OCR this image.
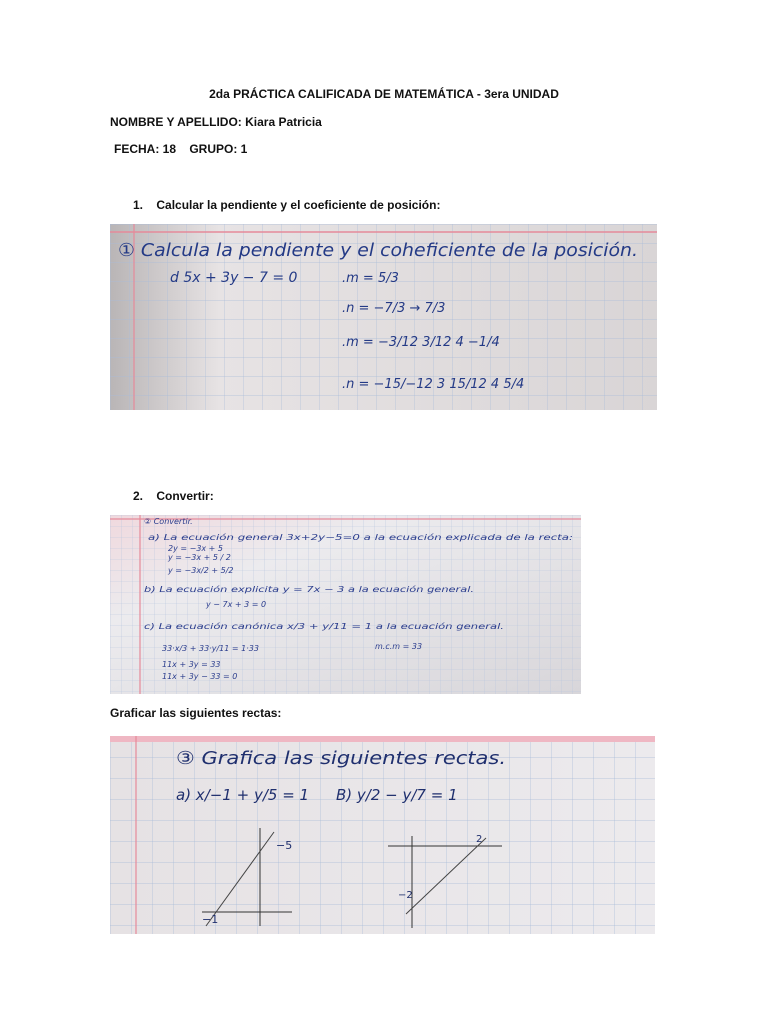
2da PRÁCTICA CALIFICADA DE MATEMÁTICA - 3era UNIDAD
NOMBRE Y APELLIDO: Kiara Patricia
FECHA: 18    GRUPO: 1
1. Calcular la pendiente y el coeficiente de posición:
① Calcula la pendiente y el coheficiente de la posición.
d 5x + 3y − 7 = 0	.m = 5/3
.n = −7/3 → 7/3
.m = −3/12 3/12 4 −1/4
.n = −15/−12 3 15/12 4 5/4
2. Convertir:
② Convertir.
a) La ecuación general 3x+2y−5=0 a la ecuación explicada de la recta:
2y = −3x + 5
y = −3x + 5 / 2
y = −3x/2 + 5/2
b) La ecuación explicita y = 7x − 3 a la ecuación general.
y − 7x + 3 = 0
c) La ecuación canónica x/3 + y/11 = 1 a la ecuación general.
m.c.m = 33
33·x/3 + 33·y/11 = 1·33
11x + 3y = 33
11x + 3y − 33 = 0
Graficar las siguientes rectas:
③ Grafica las siguientes rectas.
a) x/−1 + y/5 = 1 B) y/2 − y/7 = 1
−5
−1
2
−2
